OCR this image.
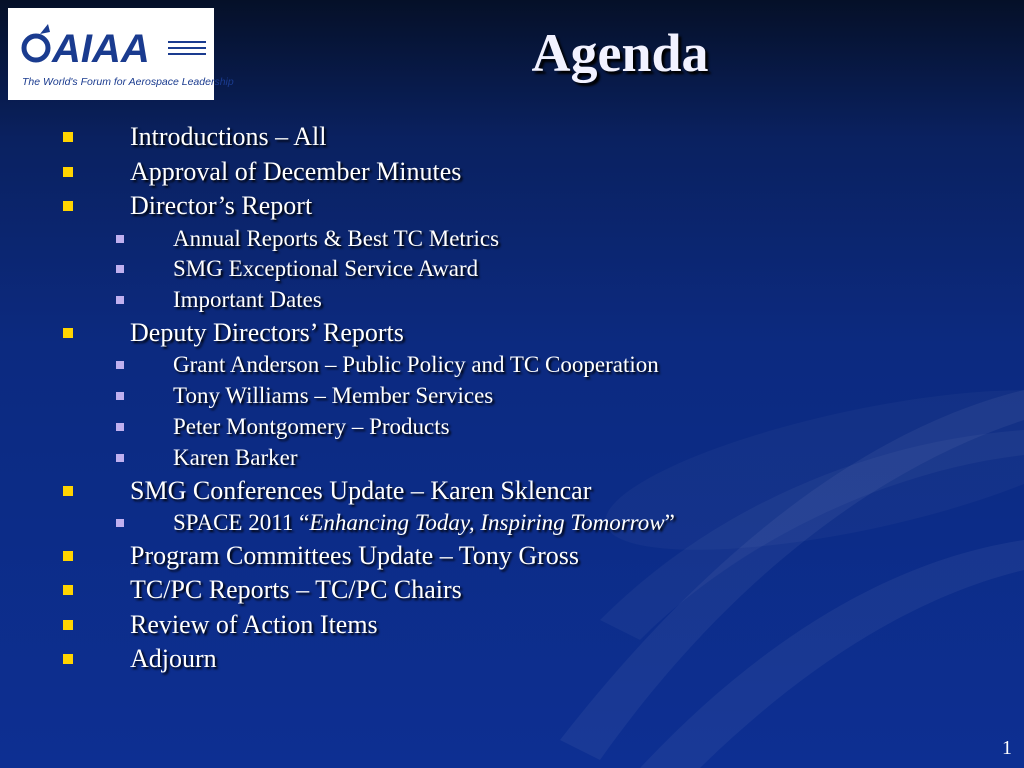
AIAA
The World's Forum for Aerospace Leadership	Agenda
Introductions – All
Approval of December Minutes
Director’s Report
Annual Reports & Best TC Metrics
SMG Exceptional Service Award
Important Dates
Deputy Directors’ Reports
Grant Anderson – Public Policy and TC Cooperation
Tony Williams – Member Services
Peter Montgomery – Products
Karen Barker
SMG Conferences Update – Karen Sklencar
SPACE 2011 “Enhancing Today, Inspiring Tomorrow”
Program Committees Update – Tony Gross
TC/PC Reports – TC/PC Chairs
Review of Action Items
Adjourn
1
